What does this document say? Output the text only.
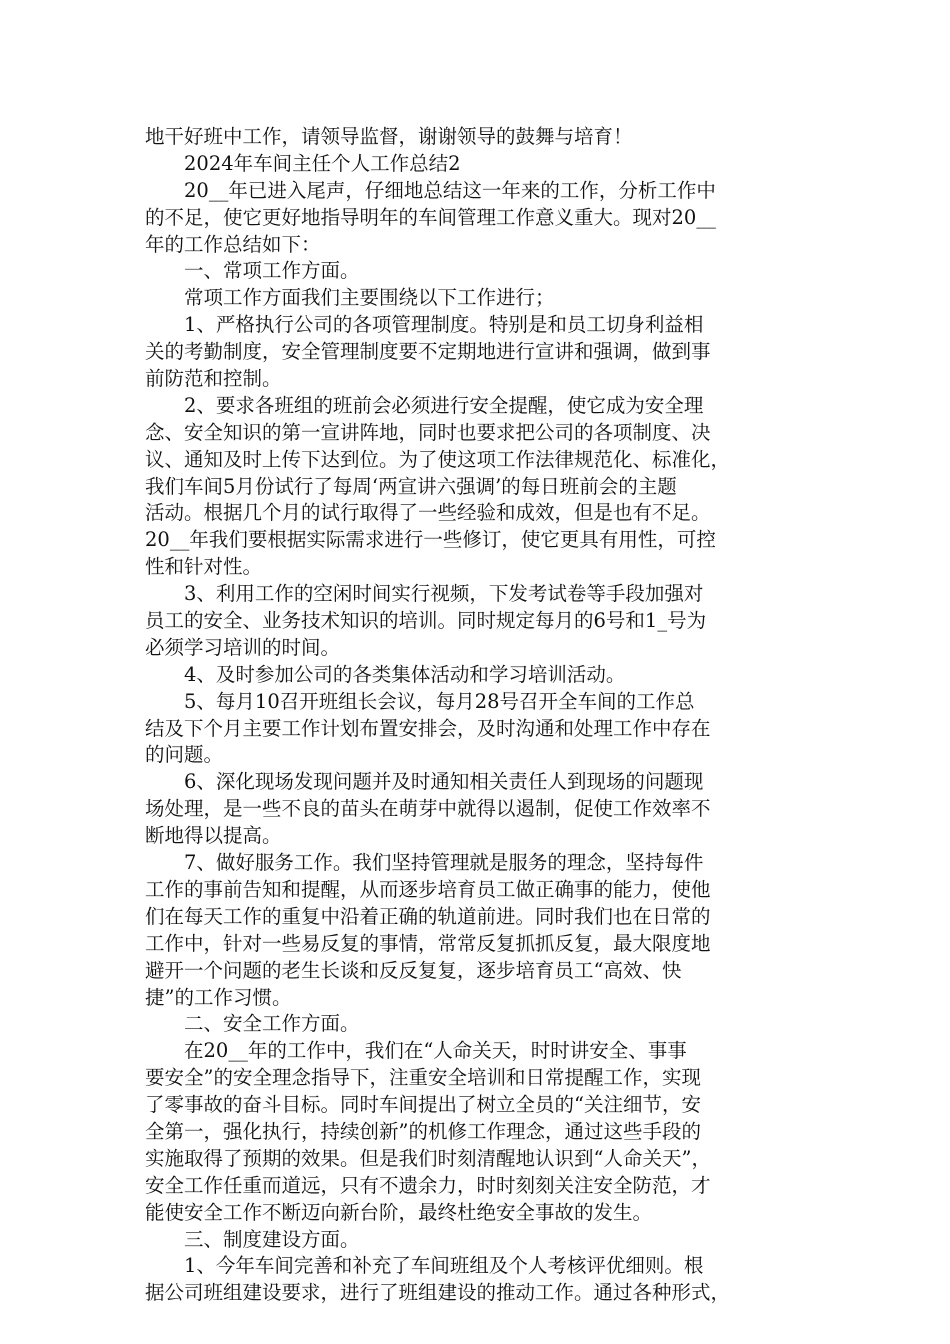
地干好班中工作，请领导监督，谢谢领导的鼓舞与培育！
　　2024年车间主任个人工作总结2
　　20__年已进入尾声，仔细地总结这一年来的工作，分析工作中
的不足，使它更好地指导明年的车间管理工作意义重大。现对20__
年的工作总结如下：
　　一、常项工作方面。
　　常项工作方面我们主要围绕以下工作进行；
　　1、严格执行公司的各项管理制度。特别是和员工切身利益相
关的考勤制度，安全管理制度要不定期地进行宣讲和强调，做到事
前防范和控制。
　　2、要求各班组的班前会必须进行安全提醒，使它成为安全理
念、安全知识的第一宣讲阵地，同时也要求把公司的各项制度、决
议、通知及时上传下达到位。为了使这项工作法律规范化、标准化，
我们车间5月份试行了每周‘两宣讲六强调’的每日班前会的主题
活动。根据几个月的试行取得了一些经验和成效，但是也有不足。
20__年我们要根据实际需求进行一些修订，使它更具有用性，可控
性和针对性。
　　3、利用工作的空闲时间实行视频，下发考试卷等手段加强对
员工的安全、业务技术知识的培训。同时规定每月的6号和1_号为
必须学习培训的时间。
　　4、及时参加公司的各类集体活动和学习培训活动。
　　5、每月10召开班组长会议，每月28号召开全车间的工作总
结及下个月主要工作计划布置安排会，及时沟通和处理工作中存在
的问题。
　　6、深化现场发现问题并及时通知相关责任人到现场的问题现
场处理，是一些不良的苗头在萌芽中就得以遏制，促使工作效率不
断地得以提高。
　　7、做好服务工作。我们坚持管理就是服务的理念，坚持每件
工作的事前告知和提醒，从而逐步培育员工做正确事的能力，使他
们在每天工作的重复中沿着正确的轨道前进。同时我们也在日常的
工作中，针对一些易反复的事情，常常反复抓抓反复，最大限度地
避开一个问题的老生长谈和反反复复，逐步培育员工“高效、快
捷”的工作习惯。
　　二、安全工作方面。
　　在20__年的工作中，我们在“人命关天，时时讲安全、事事
要安全”的安全理念指导下，注重安全培训和日常提醒工作，实现
了零事故的奋斗目标。同时车间提出了树立全员的“关注细节，安
全第一，强化执行，持续创新”的机修工作理念，通过这些手段的
实施取得了预期的效果。但是我们时刻清醒地认识到“人命关天”，
安全工作任重而道远，只有不遗余力，时时刻刻关注安全防范，才
能使安全工作不断迈向新台阶，最终杜绝安全事故的发生。
　　三、制度建设方面。
　　1、今年车间完善和补充了车间班组及个人考核评优细则。根
据公司班组建设要求，进行了班组建设的推动工作。通过各种形式，
